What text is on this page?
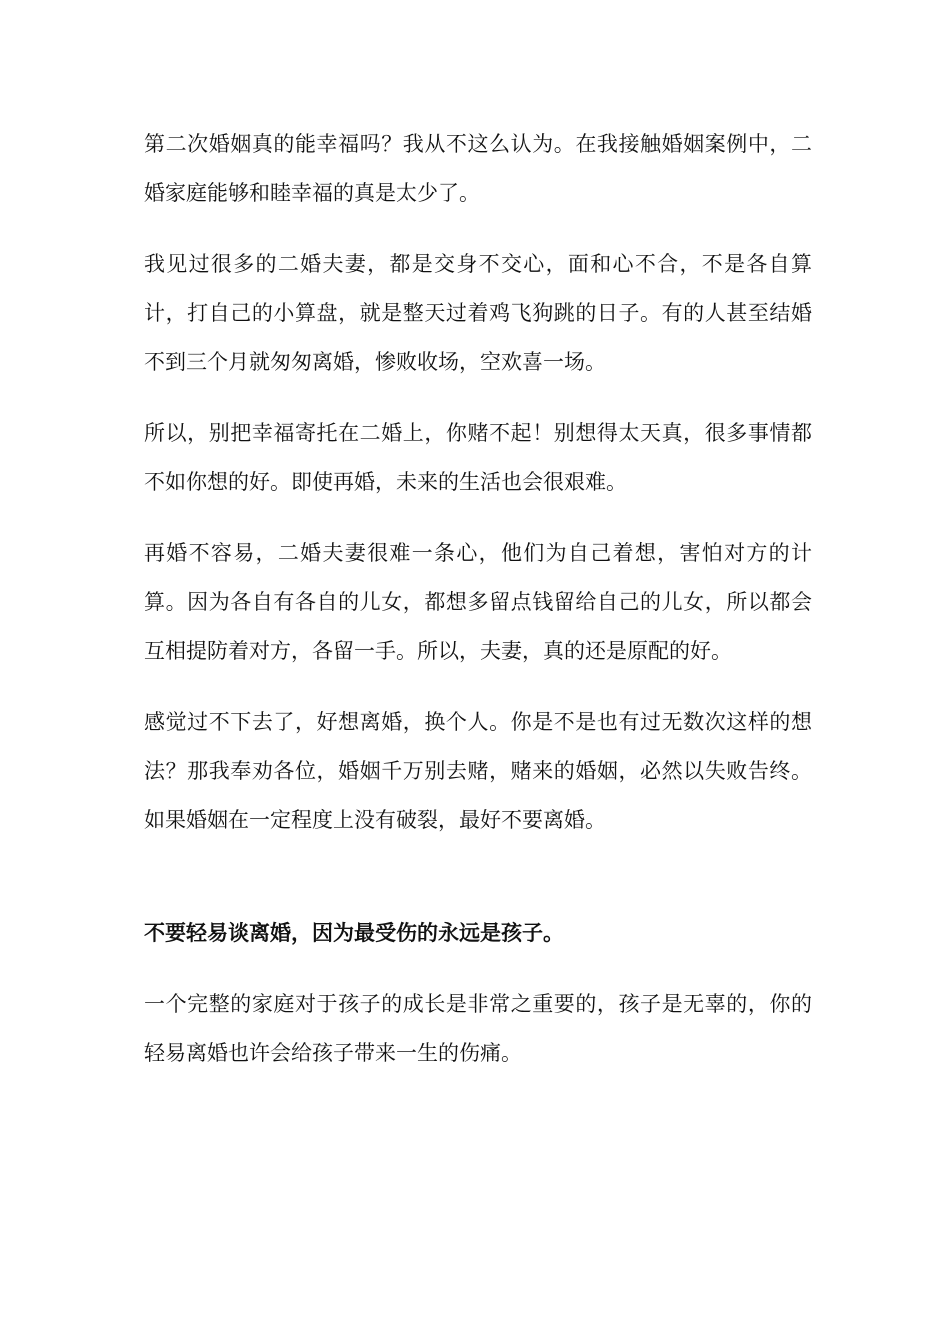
第二次婚姻真的能幸福吗？我从不这么认为。在我接触婚姻案例中，二婚家庭能够和睦幸福的真是太少了。

我见过很多的二婚夫妻，都是交身不交心，面和心不合，不是各自算计，打自己的小算盘，就是整天过着鸡飞狗跳的日子。有的人甚至结婚不到三个月就匆匆离婚，惨败收场，空欢喜一场。

所以，别把幸福寄托在二婚上，你赌不起！别想得太天真，很多事情都不如你想的好。即使再婚，未来的生活也会很艰难。

再婚不容易，二婚夫妻很难一条心，他们为自己着想，害怕对方的计算。因为各自有各自的儿女，都想多留点钱留给自己的儿女，所以都会互相提防着对方，各留一手。所以，夫妻，真的还是原配的好。

感觉过不下去了，好想离婚，换个人。你是不是也有过无数次这样的想法？那我奉劝各位，婚姻千万别去赌，赌来的婚姻，必然以失败告终。如果婚姻在一定程度上没有破裂，最好不要离婚。

不要轻易谈离婚，因为最受伤的永远是孩子。

一个完整的家庭对于孩子的成长是非常之重要的，孩子是无辜的，你的轻易离婚也许会给孩子带来一生的伤痛。
